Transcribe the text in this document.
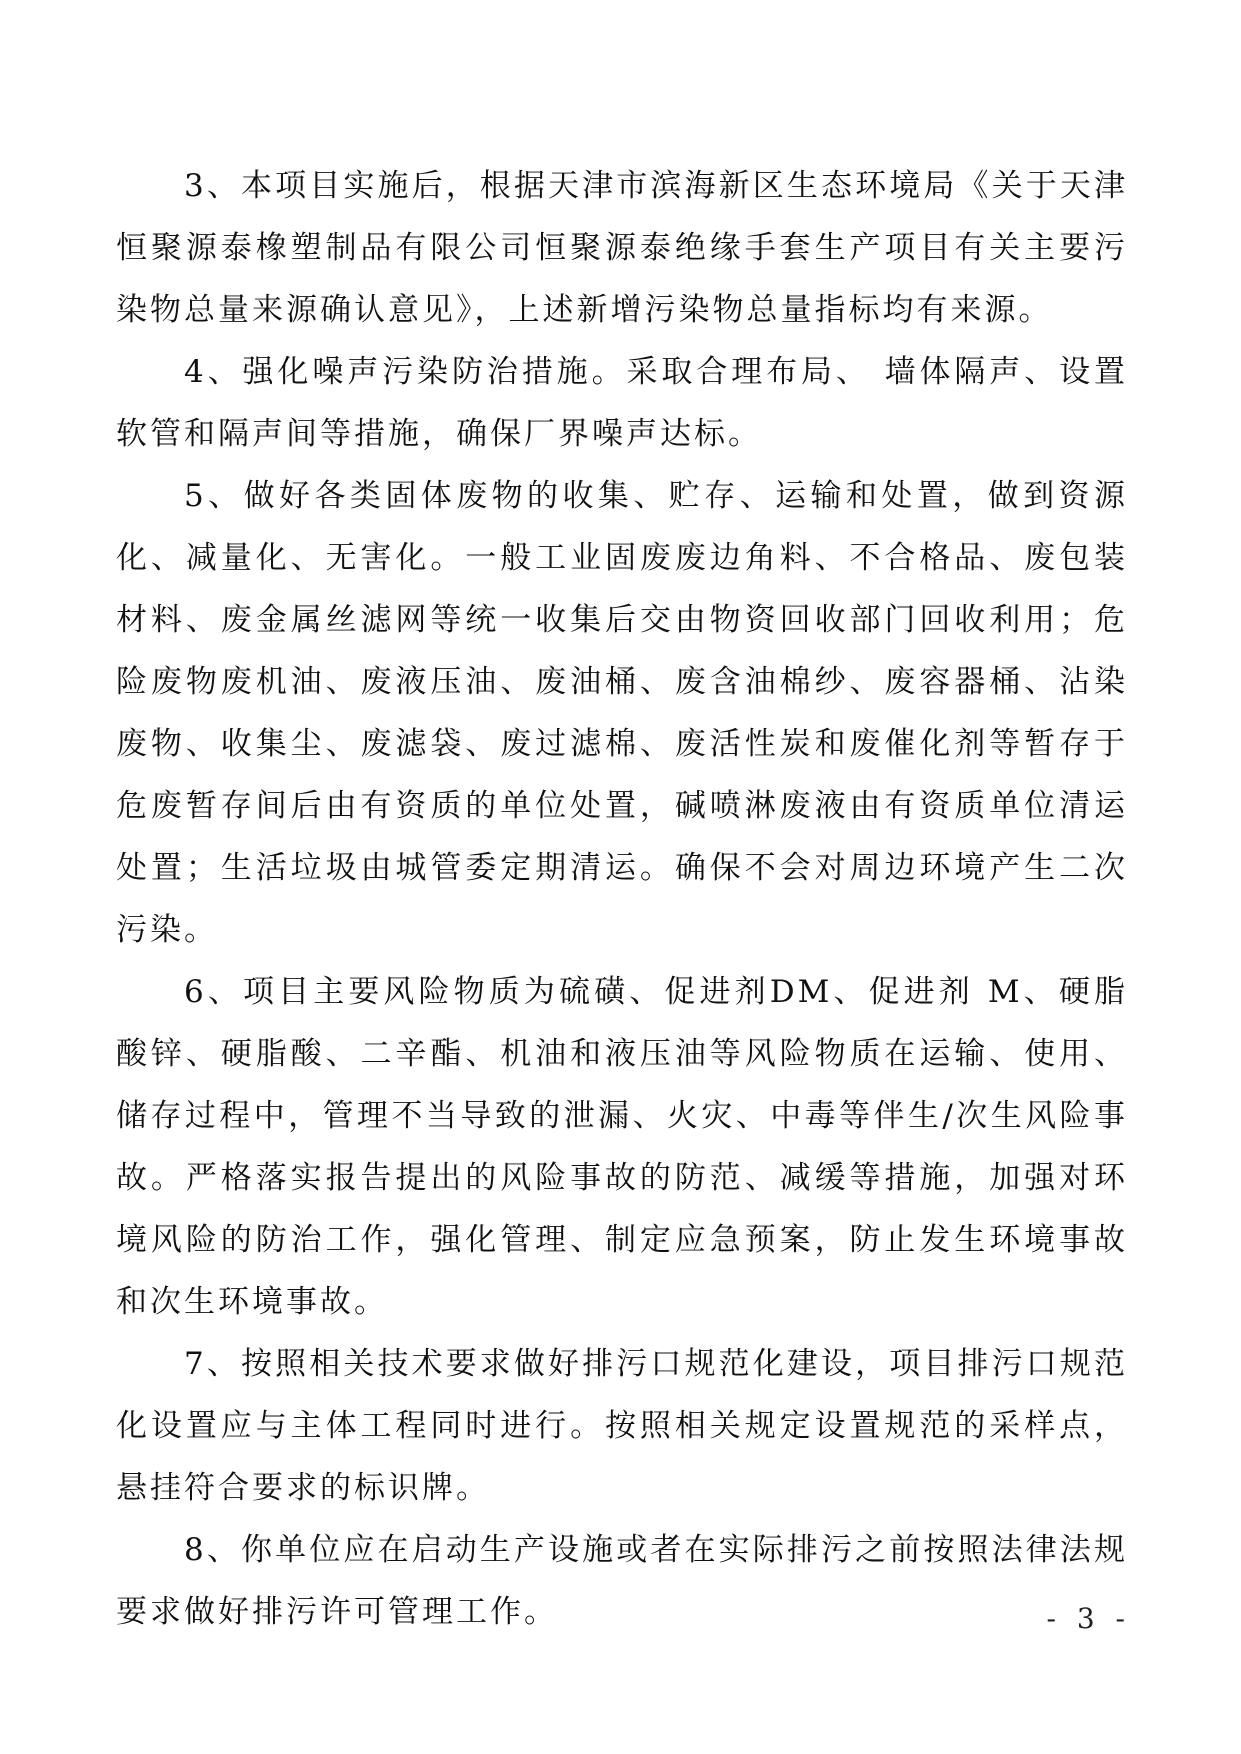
3、本项目实施后，根据天津市滨海新区生态环境局《关于天津恒聚源泰橡塑制品有限公司恒聚源泰绝缘手套生产项目有关主要污染物总量来源确认意见》，上述新增污染物总量指标均有来源。

4、强化噪声污染防治措施。采取合理布局、 墙体隔声、设置软管和隔声间等措施，确保厂界噪声达标。

5、做好各类固体废物的收集、贮存、运输和处置，做到资源化、减量化、无害化。一般工业固废废边角料、不合格品、废包装材料、废金属丝滤网等统一收集后交由物资回收部门回收利用；危险废物废机油、废液压油、废油桶、废含油棉纱、废容器桶、沾染废物、收集尘、废滤袋、废过滤棉、废活性炭和废催化剂等暂存于危废暂存间后由有资质的单位处置，碱喷淋废液由有资质单位清运处置；生活垃圾由城管委定期清运。确保不会对周边环境产生二次污染。

6、项目主要风险物质为硫磺、促进剂DM、促进剂 M、硬脂酸锌、硬脂酸、二辛酯、机油和液压油等风险物质在运输、使用、储存过程中，管理不当导致的泄漏、火灾、中毒等伴生/次生风险事故。严格落实报告提出的风险事故的防范、减缓等措施，加强对环境风险的防治工作，强化管理、制定应急预案，防止发生环境事故和次生环境事故。

7、按照相关技术要求做好排污口规范化建设，项目排污口规范化设置应与主体工程同时进行。按照相关规定设置规范的采样点，悬挂符合要求的标识牌。

8、你单位应在启动生产设施或者在实际排污之前按照法律法规要求做好排污许可管理工作。	- 3 -
